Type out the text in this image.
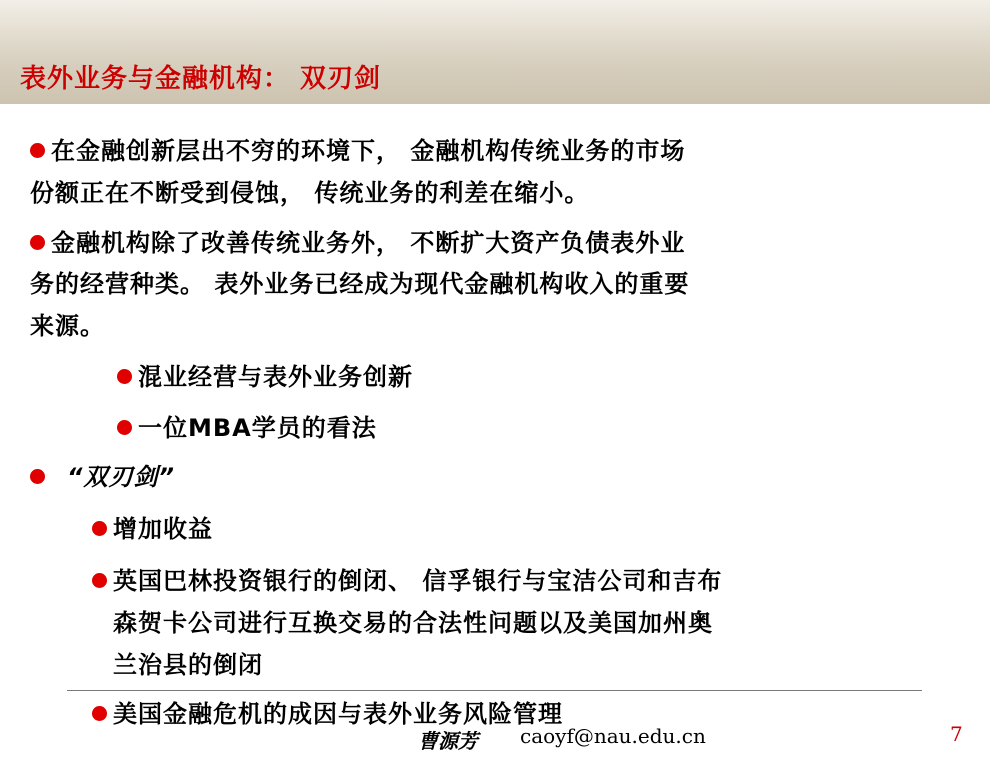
表外业务与金融机构： 双刃剑
在金融创新层出不穷的环境下， 金融机构传统业务的市场
份额正在不断受到侵蚀， 传统业务的利差在缩小。
金融机构除了改善传统业务外， 不断扩大资产负债表外业
务的经营种类。 表外业务已经成为现代金融机构收入的重要
来源。
混业经营与表外业务创新
一位MBA学员的看法
“双刃剑”
增加收益
英国巴林投资银行的倒闭、 信孚银行与宝洁公司和吉布
森贺卡公司进行互换交易的合法性问题以及美国加州奥
兰治县的倒闭
美国金融危机的成因与表外业务风险管理
曹源芳 caoyf@nau.edu.cn	7
